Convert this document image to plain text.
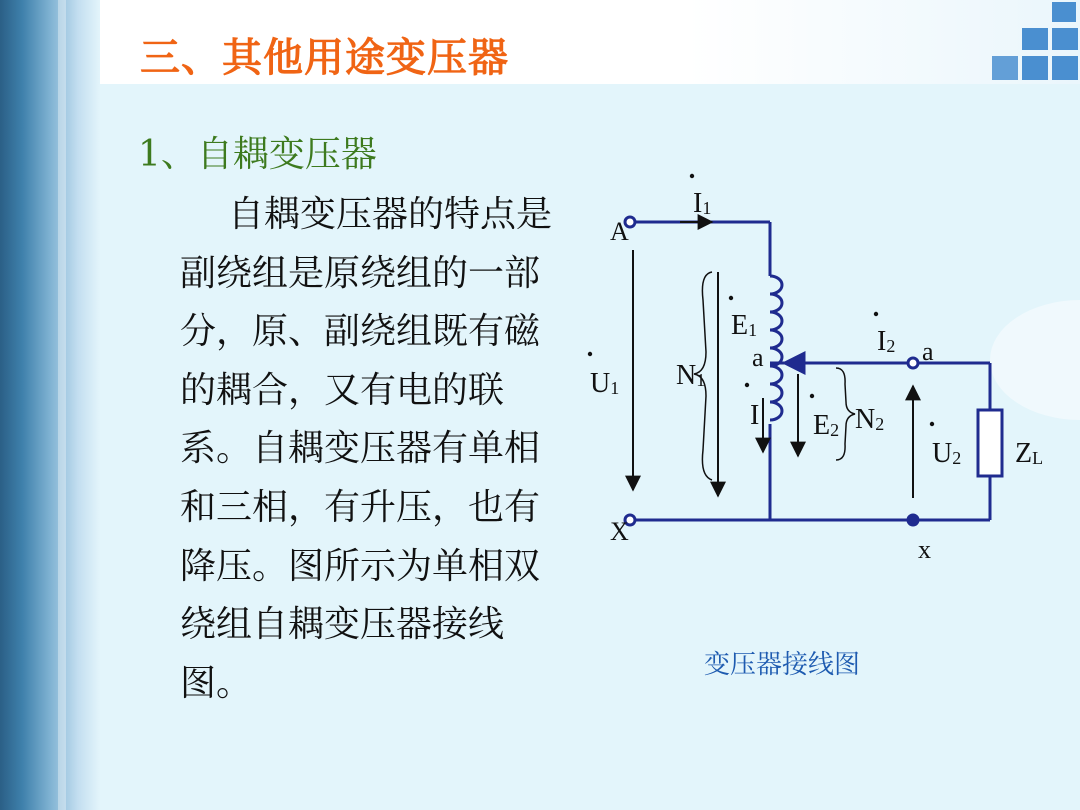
三、其他用途变压器
1、自耦变压器

自耦变压器的特点是副绕组是原绕组的一部分，原、副绕组既有磁的耦合，又有电的联系。自耦变压器有单相和三相，有升压，也有降压。图所示为单相双绕组自耦变压器接线图。

A
X
I1
E1
U1 N1
a
I E2 N2
I2 a
U2 ZL
x

变压器接线图
